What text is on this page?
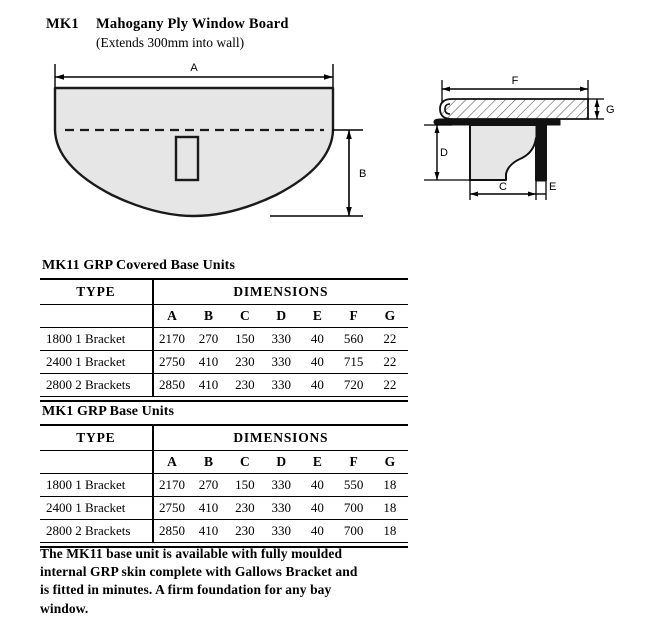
MK1	Mahogany Ply Window Board
(Extends 300mm into wall)
A
B
F
G
D
C	E
MK11 GRP Covered Base Units
TYPE	DIMENSIONS						
	A	B	C	D	E	F	G
1800 1 Bracket	2170	270	150	330	40	560	22
2400 1 Bracket	2750	410	230	330	40	715	22
2800 2 Brackets	2850	410	230	330	40	720	22

MK1 GRP Base Units
TYPE	DIMENSIONS						
	A	B	C	D	E	F	G
1800 1 Bracket	2170	270	150	330	40	550	18
2400 1 Bracket	2750	410	230	330	40	700	18
2800 2 Brackets	2850	410	230	330	40	700	18

The MK11 base unit is available with fully moulded internal GRP skin complete with Gallows Bracket and is fitted in minutes. A firm foundation for any bay window.
